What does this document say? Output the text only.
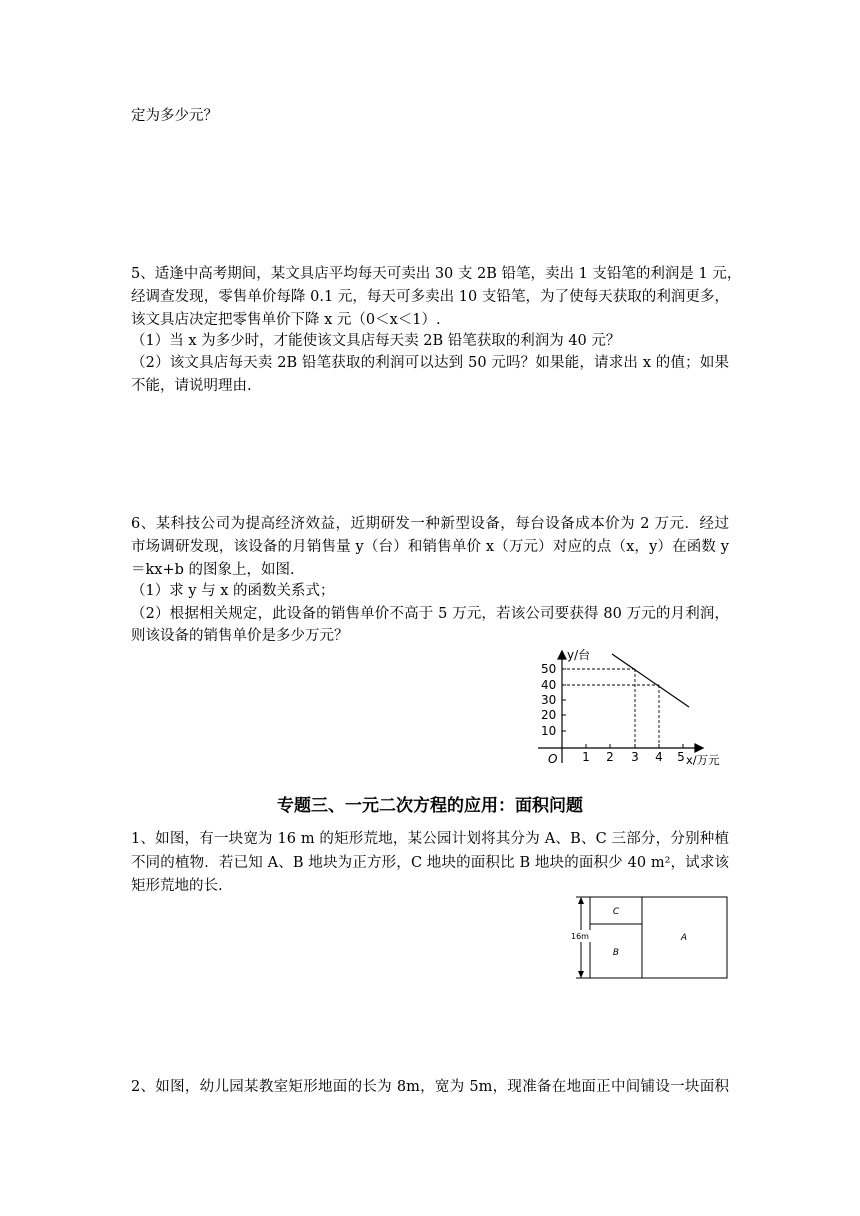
定为多少元？
5、适逢中高考期间，某文具店平均每天可卖出 30 支 2B 铅笔，卖出 1 支铅笔的利润是 1 元，
经调查发现，零售单价每降 0.1 元，每天可多卖出 10 支铅笔，为了使每天获取的利润更多，
该文具店决定把零售单价下降 x 元（0＜x＜1）.
（1）当 x 为多少时，才能使该文具店每天卖 2B 铅笔获取的利润为 40 元？
（2）该文具店每天卖 2B 铅笔获取的利润可以达到 50 元吗？如果能，请求出 x 的值；如果
不能，请说明理由.
6、某科技公司为提高经济效益，近期研发一种新型设备，每台设备成本价为 2 万元．经过
市场调研发现，该设备的月销售量 y（台）和销售单价 x（万元）对应的点（x，y）在函数 y
＝kx+b 的图象上，如图.
（1）求 y 与 x 的函数关系式；
（2）根据相关规定，此设备的销售单价不高于 5 万元，若该公司要获得 80 万元的月利润，
则该设备的销售单价是多少万元？
y/台
x/万元
O 1 2 3 4 5
10
20
30
40
50
专题三、一元二次方程的应用：面积问题
1、如图，有一块宽为 16 m 的矩形荒地，某公园计划将其分为 A、B、C 三部分，分别种植
不同的植物．若已知 A、B 地块为正方形，C 地块的面积比 B 地块的面积少 40 m²，试求该
矩形荒地的长.
16m
C
B
A
2、如图，幼儿园某教室矩形地面的长为 8m，宽为 5m，现准备在地面正中间铺设一块面积
